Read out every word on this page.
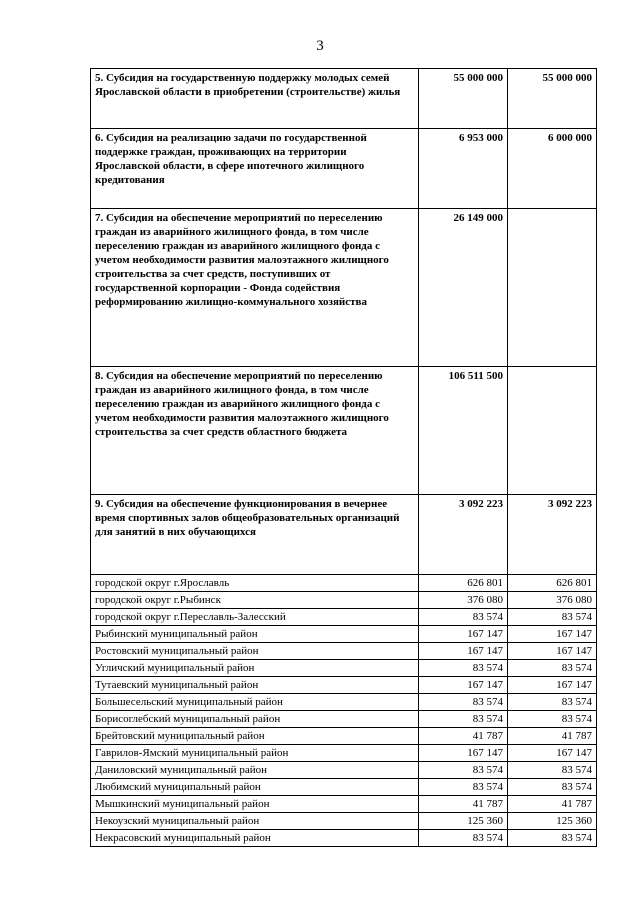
3
5. Субсидия на государственную поддержку молодых семей Ярославской области в приобретении (строительстве) жилья	55 000 000	55 000 000
6. Субсидия на реализацию задачи по государственной поддержке граждан, проживающих на территории Ярославской области, в сфере ипотечного жилищного кредитования	6 953 000	6 000 000
7. Субсидия на обеспечение мероприятий по переселению граждан из аварийного жилищного фонда, в том числе переселению граждан из аварийного жилищного фонда с учетом необходимости развития малоэтажного жилищного строительства за счет средств, поступивших от государственной корпорации - Фонда содействия реформированию жилищно-коммунального хозяйства	26 149 000	
8. Субсидия на обеспечение мероприятий по переселению граждан из аварийного жилищного фонда, в том числе переселению граждан из аварийного жилищного фонда с учетом необходимости развития малоэтажного жилищного строительства за счет средств областного бюджета	106 511 500	
9. Субсидия на обеспечение функционирования в вечернее время спортивных залов общеобразовательных организаций для занятий в них обучающихся	3 092 223	3 092 223
городской округ г.Ярославль	626 801	626 801
городской округ г.Рыбинск	376 080	376 080
городской округ г.Переславль-Залесский	83 574	83 574
Рыбинский муниципальный район	167 147	167 147
Ростовский муниципальный район	167 147	167 147
Угличский муниципальный район	83 574	83 574
Тутаевский муниципальный район	167 147	167 147
Большесельский муниципальный район	83 574	83 574
Борисоглебский муниципальный район	83 574	83 574
Брейтовский муниципальный район	41 787	41 787
Гаврилов-Ямский муниципальный район	167 147	167 147
Даниловский муниципальный район	83 574	83 574
Любимский муниципальный район	83 574	83 574
Мышкинский муниципальный район	41 787	41 787
Некоузский муниципальный район	125 360	125 360
Некрасовский муниципальный район	83 574	83 574
